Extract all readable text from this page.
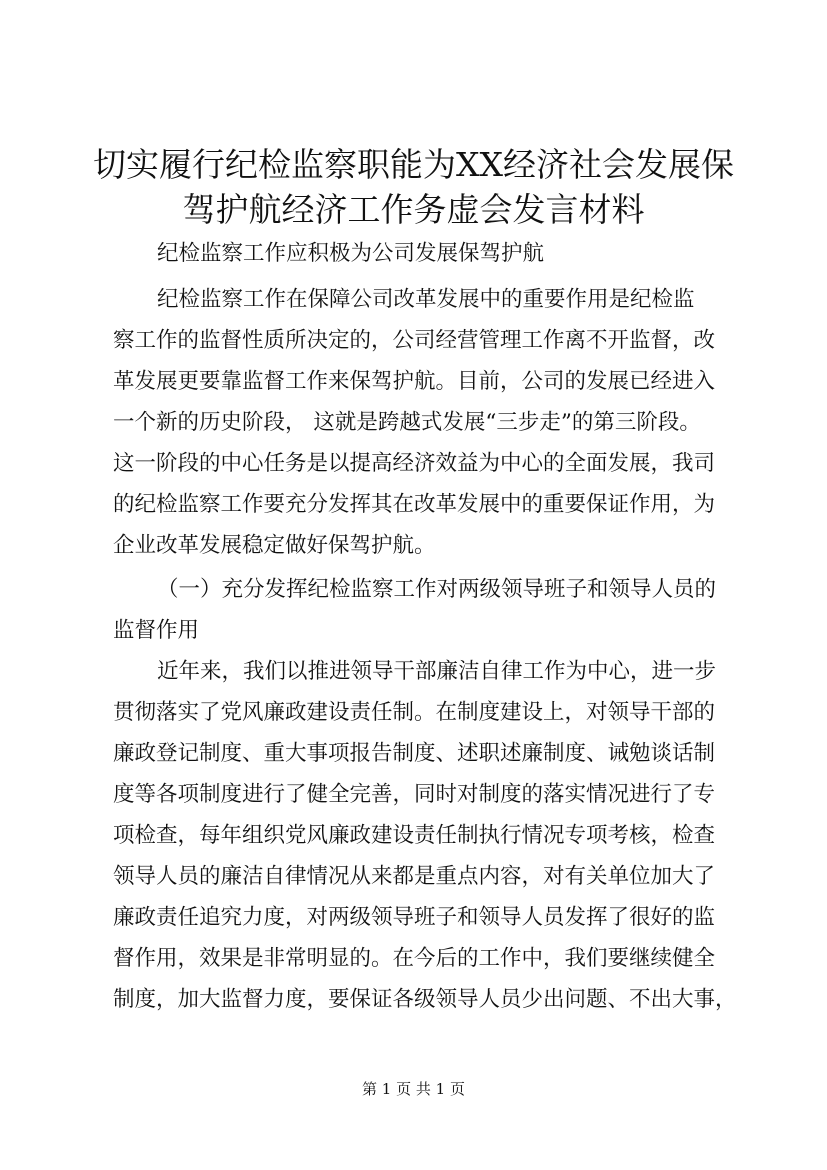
切实履行纪检监察职能为XX经济社会发展保
驾护航经济工作务虚会发言材料

纪检监察工作应积极为公司发展保驾护航

纪检监察工作在保障公司改革发展中的重要作用是纪检监

察工作的监督性质所决定的，公司经营管理工作离不开监督，改

革发展更要靠监督工作来保驾护航。目前，公司的发展已经进入

一个新的历史阶段， 这就是跨越式发展“三步走”的第三阶段。

这一阶段的中心任务是以提高经济效益为中心的全面发展，我司

的纪检监察工作要充分发挥其在改革发展中的重要保证作用，为

企业改革发展稳定做好保驾护航。

（一）充分发挥纪检监察工作对两级领导班子和领导人员的

监督作用

近年来，我们以推进领导干部廉洁自律工作为中心，进一步

贯彻落实了党风廉政建设责任制。在制度建设上，对领导干部的

廉政登记制度、重大事项报告制度、述职述廉制度、诫勉谈话制

度等各项制度进行了健全完善，同时对制度的落实情况进行了专

项检查，每年组织党风廉政建设责任制执行情况专项考核，检查

领导人员的廉洁自律情况从来都是重点内容，对有关单位加大了

廉政责任追究力度，对两级领导班子和领导人员发挥了很好的监

督作用，效果是非常明显的。在今后的工作中，我们要继续健全

制度，加大监督力度，要保证各级领导人员少出问题、不出大事，

第 1 页 共 1 页
